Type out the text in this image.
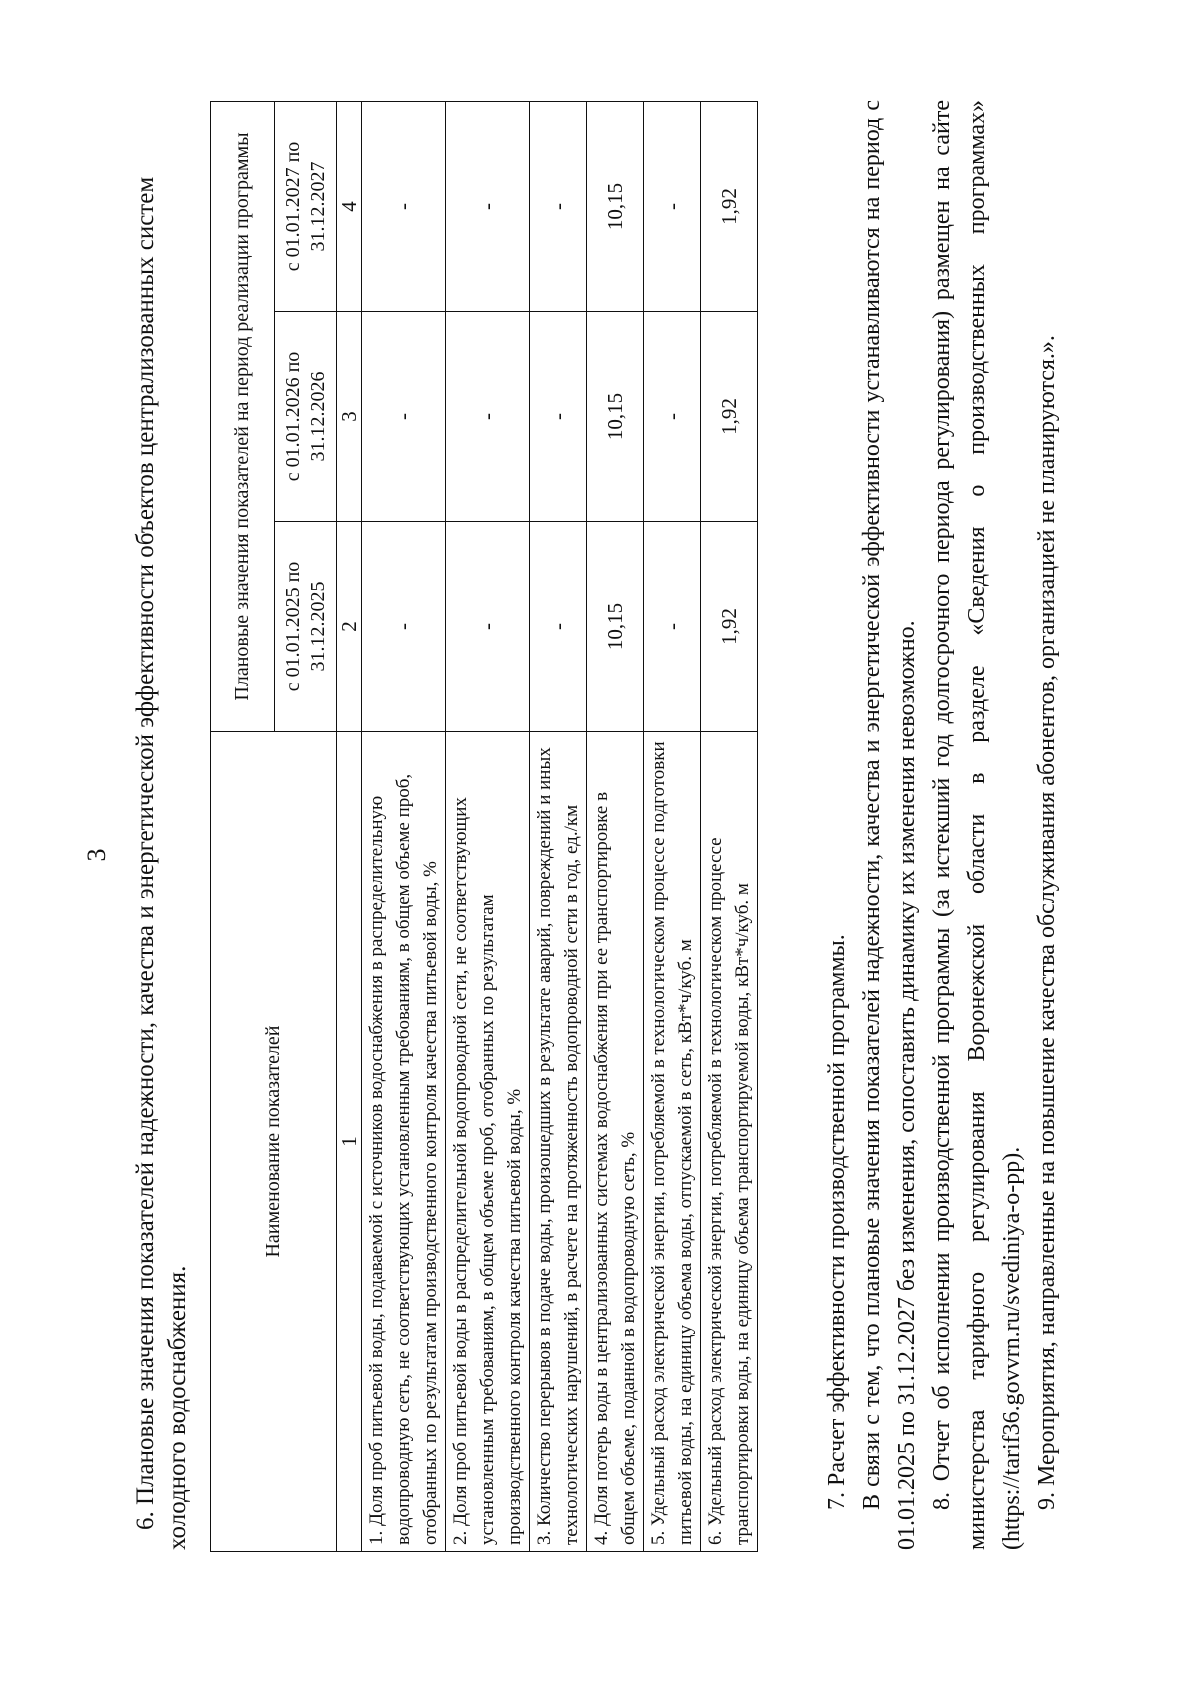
3 6. Плановые значения показателей надежности, качества и энергетической эффективности объектов централизованных систем холодного водоснабжения.
Наименование показателей	Плановые значения показателей на период реализации программы		
	с 01.01.2025 по 31.12.2025	с 01.01.2026 по 31.12.2026	с 01.01.2027 по 31.12.2027
1	2	3	4
1. Доля проб питьевой воды, подаваемой с источников водоснабжения в распределительную водопроводную сеть, не соответствующих установленным требованиям, в общем объеме проб, отобранных по результатам производственного контроля качества питьевой воды, %	-	-	-
2. Доля проб питьевой воды в распределительной водопроводной сети, не соответствующих установленным требованиям, в общем объеме проб, отобранных по результатам производственного контроля качества питьевой воды, %	-	-	-
3. Количество перерывов в подаче воды, произошедших в результате аварий, повреждений и иных технологических нарушений, в расчете на протяженность водопроводной сети в год, ед./км	-	-	-
4. Доля потерь воды в централизованных системах водоснабжения при ее транспортировке в общем объеме, поданной в водопроводную сеть, %	10,15	10,15	10,15
5. Удельный расход электрической энергии, потребляемой в технологическом процессе подготовки питьевой воды, на единицу объема воды, отпускаемой в сеть, кВт*ч/куб. м	-	-	-
6. Удельный расход электрической энергии, потребляемой в технологическом процессе транспортировки воды, на единицу объема транспортируемой воды, кВт*ч/куб. м	1,92	1,92	1,92

7. Расчет эффективности производственной программы. В связи с тем, что плановые значения показателей надежности, качества и энергетической эффективности устанавливаются на период с 01.01.2025 по 31.12.2027 без изменения, сопоставить динамику их изменения невозможно. 8. Отчет об исполнении производственной программы (за истекший год долгосрочного периода регулирования) размещен на сайте министерства тарифного регулирования Воронежской области в разделе «Сведения о производственных программах» (https://tarif36.govvrn.ru/svediniya-o-pp). 9. Мероприятия, направленные на повышение качества обслуживания абонентов, организацией не планируются.».
